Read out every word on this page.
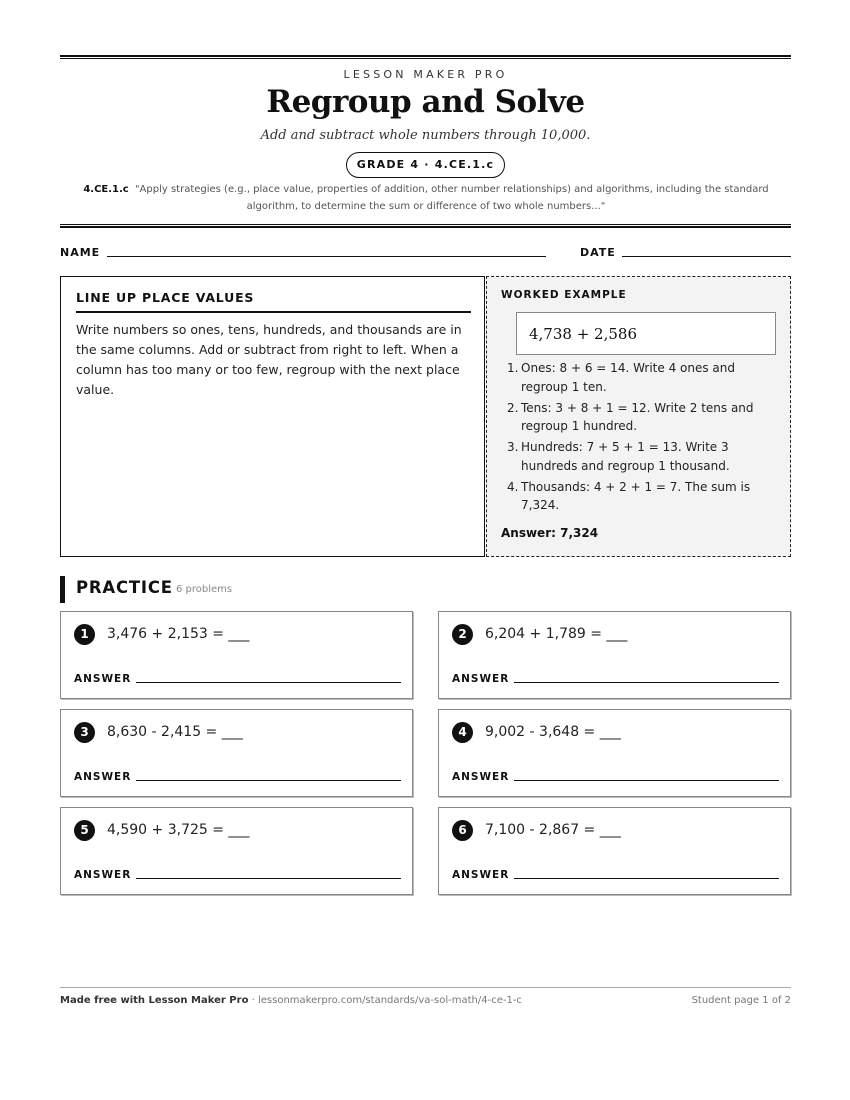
LESSON MAKER PRO
Regroup and Solve
Add and subtract whole numbers through 10,000.
GRADE 4 · 4.CE.1.c
4.CE.1.c "Apply strategies (e.g., place value, properties of addition, other number relationships) and algorithms, including the standard algorithm, to determine the sum or difference of two whole numbers..."
NAME	DATE
LINE UP PLACE VALUES

Write numbers so ones, tens, hundreds, and thousands are in the same columns. Add or subtract from right to left. When a column has too many or too few, regroup with the next place value.

WORKED EXAMPLE
4,738 + 2,586
1. Ones: 8 + 6 = 14. Write 4 ones and regroup 1 ten.
2. Tens: 3 + 8 + 1 = 12. Write 2 tens and regroup 1 hundred.
3. Hundreds: 7 + 5 + 1 = 13. Write 3 hundreds and regroup 1 thousand.
4. Thousands: 4 + 2 + 1 = 7. The sum is 7,324.
Answer: 7,324
PRACTICE 6 problems
1	3,476 + 2,153 = ___
ANSWER
2	6,204 + 1,789 = ___
ANSWER
3	8,630 - 2,415 = ___
ANSWER
4	9,002 - 3,648 = ___
ANSWER
5	4,590 + 3,725 = ___
ANSWER
6	7,100 - 2,867 = ___
ANSWER
Made free with Lesson Maker Pro · lessonmakerpro.com/standards/va-sol-math/4-ce-1-c	Student page 1 of 2
